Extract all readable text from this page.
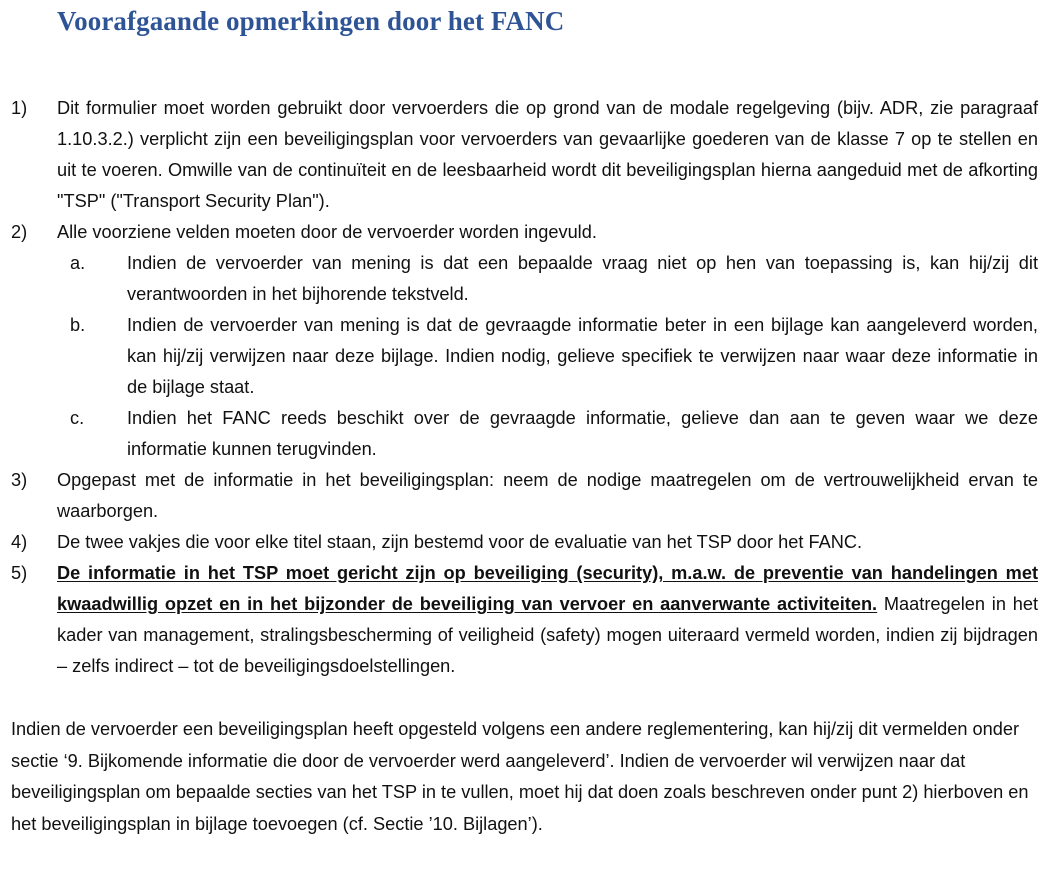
Voorafgaande opmerkingen door het FANC
1) Dit formulier moet worden gebruikt door vervoerders die op grond van de modale regelgeving (bijv. ADR, zie paragraaf 1.10.3.2.) verplicht zijn een beveiligingsplan voor vervoerders van gevaarlijke goederen van de klasse 7 op te stellen en uit te voeren. Omwille van de continuïteit en de leesbaarheid wordt dit beveiligingsplan hierna aangeduid met de afkorting "TSP" ("Transport Security Plan").
2) Alle voorziene velden moeten door de vervoerder worden ingevuld.
a. Indien de vervoerder van mening is dat een bepaalde vraag niet op hen van toepassing is, kan hij/zij dit verantwoorden in het bijhorende tekstveld.
b. Indien de vervoerder van mening is dat de gevraagde informatie beter in een bijlage kan aangeleverd worden, kan hij/zij verwijzen naar deze bijlage. Indien nodig, gelieve specifiek te verwijzen naar waar deze informatie in de bijlage staat.
c. Indien het FANC reeds beschikt over de gevraagde informatie, gelieve dan aan te geven waar we deze informatie kunnen terugvinden.
3) Opgepast met de informatie in het beveiligingsplan: neem de nodige maatregelen om de vertrouwelijkheid ervan te waarborgen.
4) De twee vakjes die voor elke titel staan, zijn bestemd voor de evaluatie van het TSP door het FANC.
5) De informatie in het TSP moet gericht zijn op beveiliging (security), m.a.w. de preventie van handelingen met kwaadwillig opzet en in het bijzonder de beveiliging van vervoer en aanverwante activiteiten. Maatregelen in het kader van management, stralingsbescherming of veiligheid (safety) mogen uiteraard vermeld worden, indien zij bijdragen – zelfs indirect – tot de beveiligingsdoelstellingen.

Indien de vervoerder een beveiligingsplan heeft opgesteld volgens een andere reglementering, kan hij/zij dit vermelden onder sectie ‘9. Bijkomende informatie die door de vervoerder werd aangeleverd’. Indien de vervoerder wil verwijzen naar dat beveiligingsplan om bepaalde secties van het TSP in te vullen, moet hij dat doen zoals beschreven onder punt 2) hierboven en het beveiligingsplan in bijlage toevoegen (cf. Sectie ’10. Bijlagen’).
